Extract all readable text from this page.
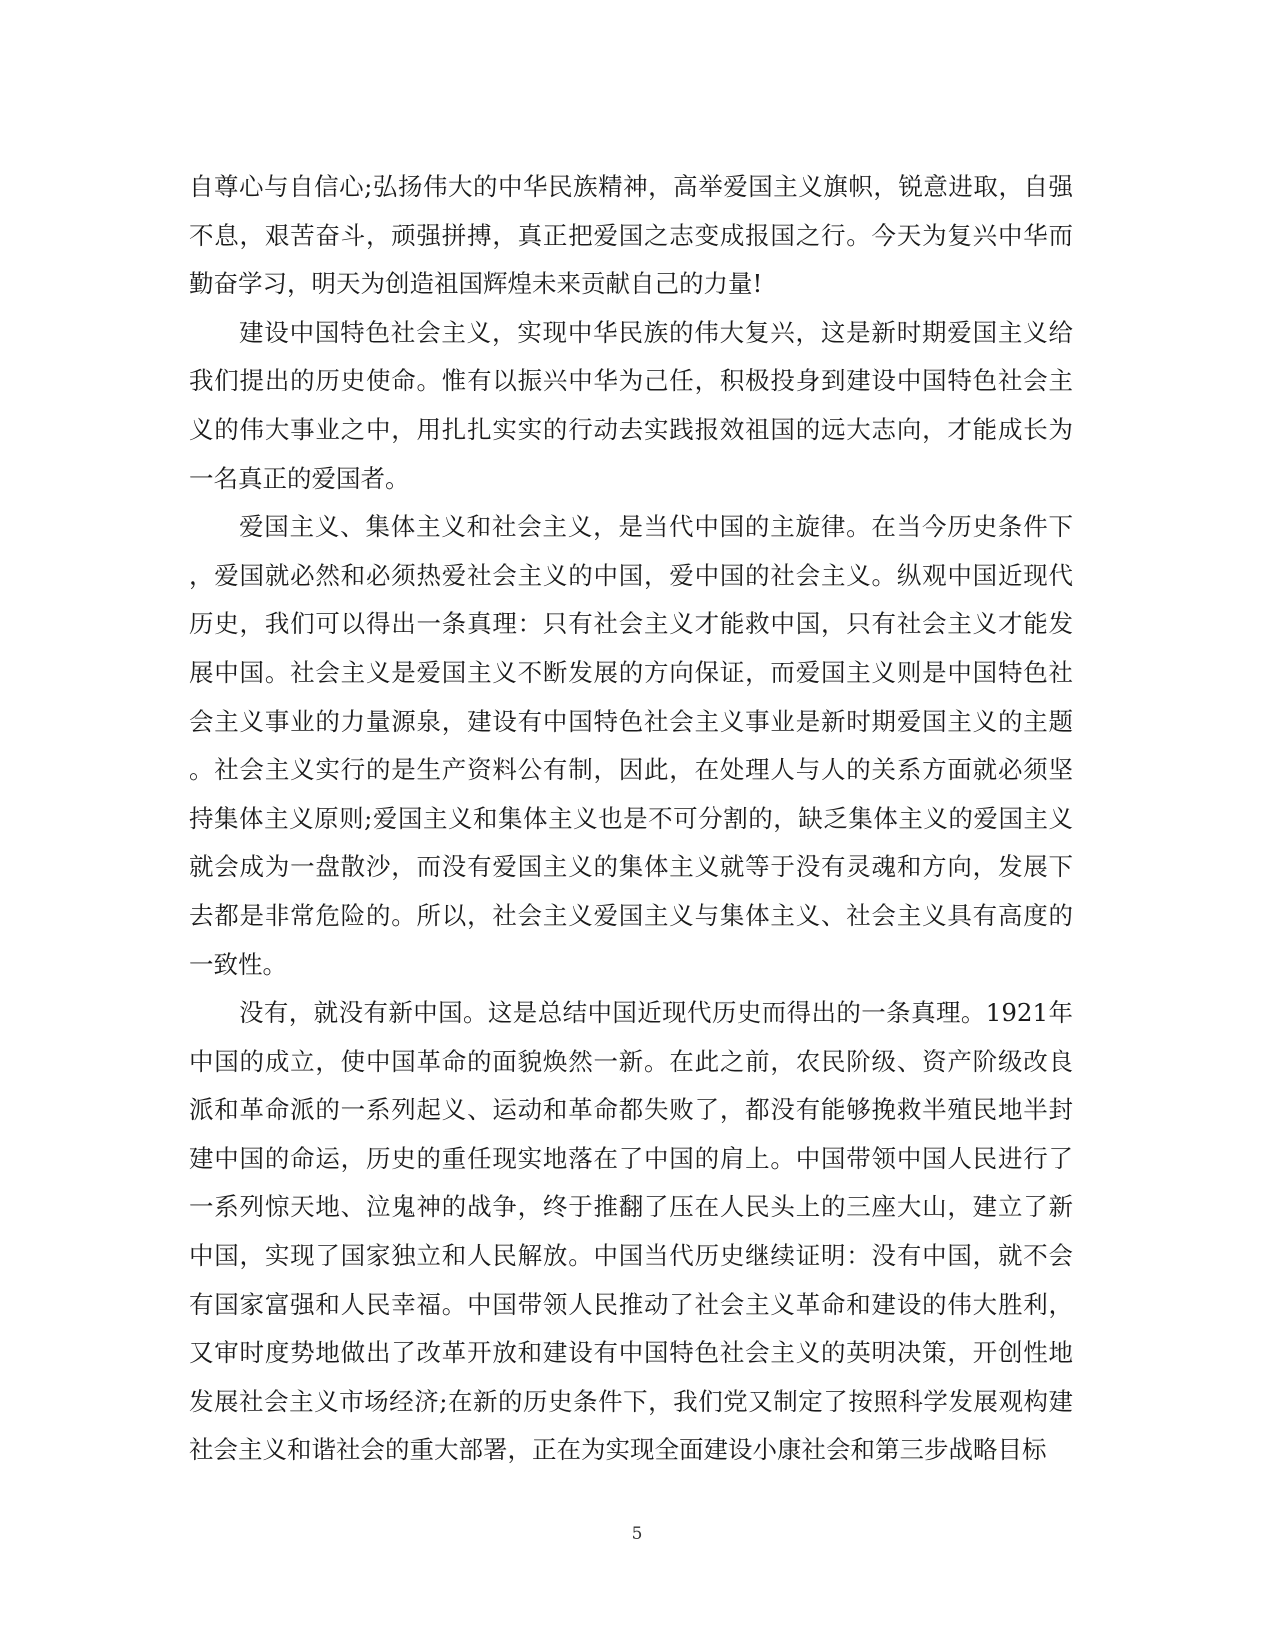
自尊心与自信心;弘扬伟大的中华民族精神，高举爱国主义旗帜，锐意进取，自强
不息，艰苦奋斗，顽强拼搏，真正把爱国之志变成报国之行。今天为复兴中华而
勤奋学习，明天为创造祖国辉煌未来贡献自己的力量!
建设中国特色社会主义，实现中华民族的伟大复兴，这是新时期爱国主义给
我们提出的历史使命。惟有以振兴中华为己任，积极投身到建设中国特色社会主
义的伟大事业之中，用扎扎实实的行动去实践报效祖国的远大志向，才能成长为
一名真正的爱国者。
爱国主义、集体主义和社会主义，是当代中国的主旋律。在当今历史条件下
，爱国就必然和必须热爱社会主义的中国，爱中国的社会主义。纵观中国近现代
历史，我们可以得出一条真理：只有社会主义才能救中国，只有社会主义才能发
展中国。社会主义是爱国主义不断发展的方向保证，而爱国主义则是中国特色社
会主义事业的力量源泉，建设有中国特色社会主义事业是新时期爱国主义的主题
。社会主义实行的是生产资料公有制，因此，在处理人与人的关系方面就必须坚
持集体主义原则;爱国主义和集体主义也是不可分割的，缺乏集体主义的爱国主义
就会成为一盘散沙，而没有爱国主义的集体主义就等于没有灵魂和方向，发展下
去都是非常危险的。所以，社会主义爱国主义与集体主义、社会主义具有高度的
一致性。
没有，就没有新中国。这是总结中国近现代历史而得出的一条真理。1921年
中国的成立，使中国革命的面貌焕然一新。在此之前，农民阶级、资产阶级改良
派和革命派的一系列起义、运动和革命都失败了，都没有能够挽救半殖民地半封
建中国的命运，历史的重任现实地落在了中国的肩上。中国带领中国人民进行了
一系列惊天地、泣鬼神的战争，终于推翻了压在人民头上的三座大山，建立了新
中国，实现了国家独立和人民解放。中国当代历史继续证明：没有中国，就不会
有国家富强和人民幸福。中国带领人民推动了社会主义革命和建设的伟大胜利，
又审时度势地做出了改革开放和建设有中国特色社会主义的英明决策，开创性地
发展社会主义市场经济;在新的历史条件下，我们党又制定了按照科学发展观构建
社会主义和谐社会的重大部署，正在为实现全面建设小康社会和第三步战略目标
5
